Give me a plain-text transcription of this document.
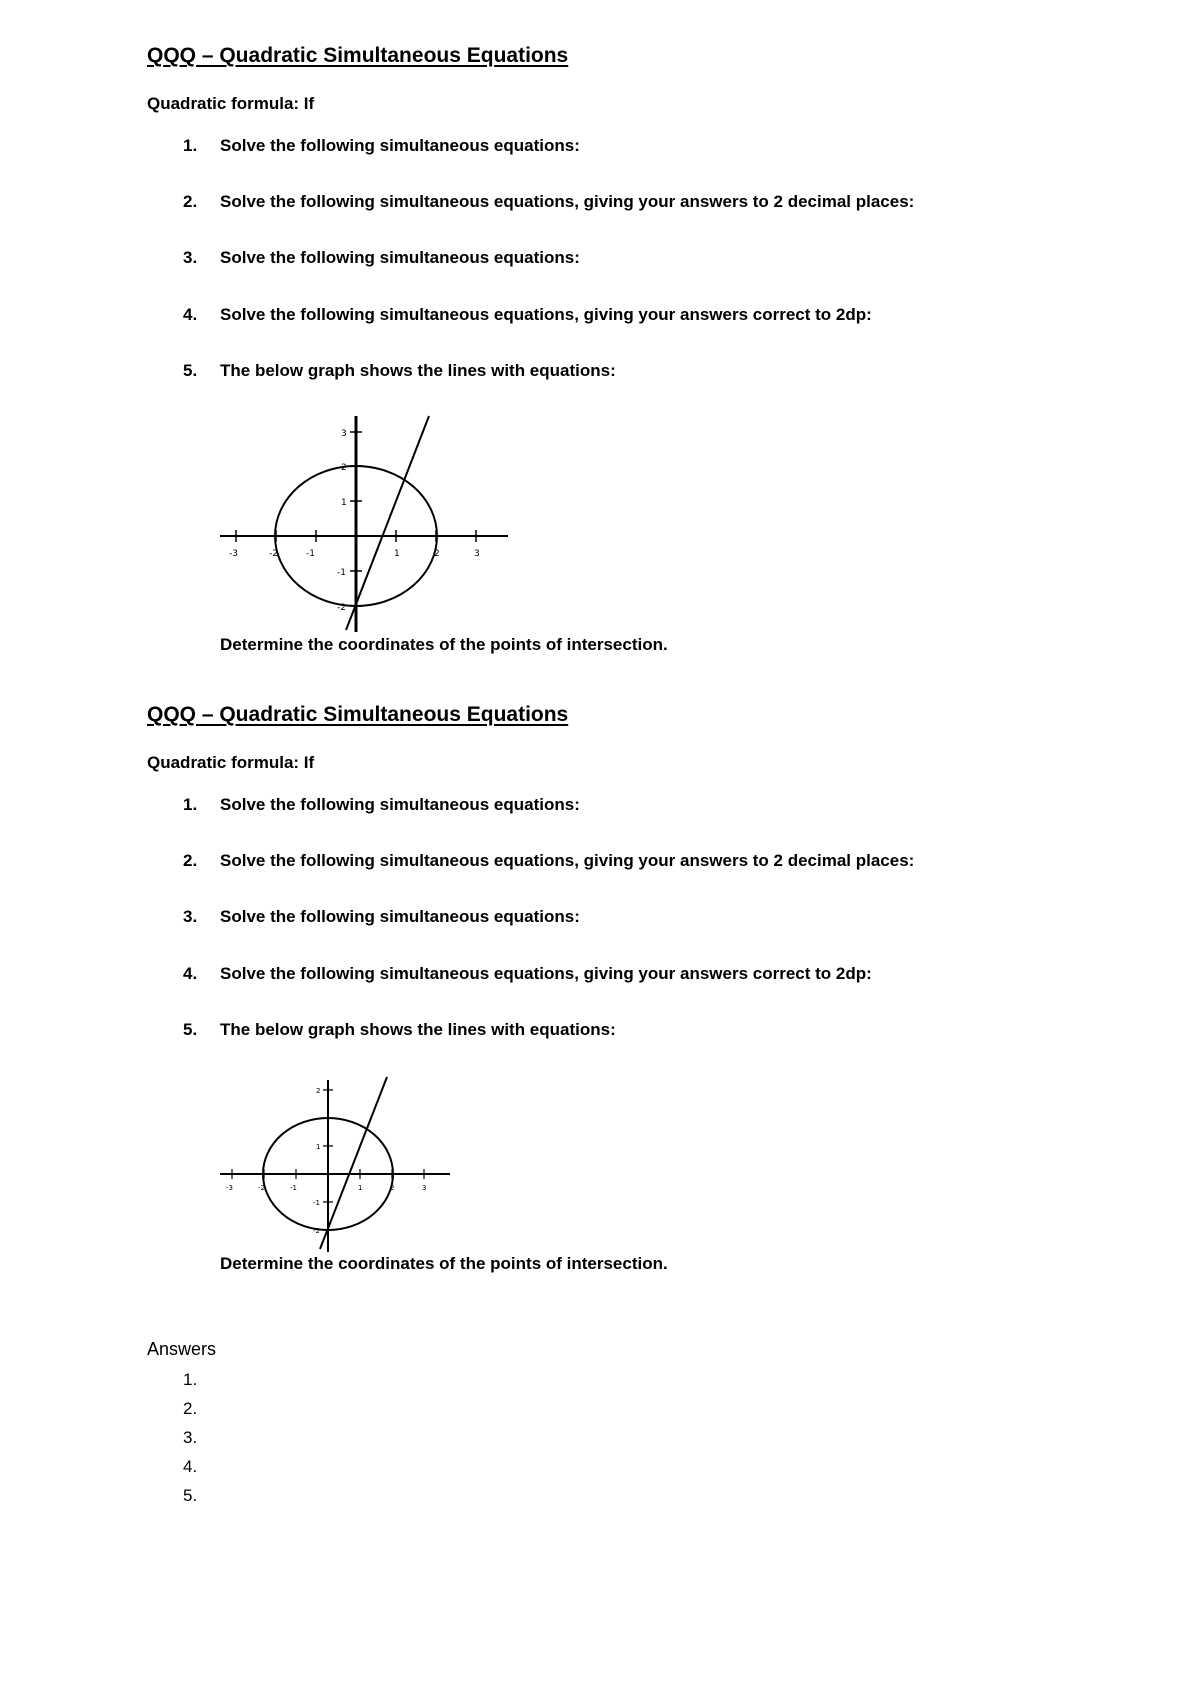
QQQ – Quadratic Simultaneous Equations

Quadratic formula: If

1. Solve the following simultaneous equations:

2. Solve the following simultaneous equations, giving your answers to 2 decimal places:

3. Solve the following simultaneous equations:

4. Solve the following simultaneous equations, giving your answers correct to 2dp:

5. The below graph shows the lines with equations:

-3	-2	-1	1	2	3
3
2
1
-1
-2

Determine the coordinates of the points of intersection.

QQQ – Quadratic Simultaneous Equations

Quadratic formula: If

1. Solve the following simultaneous equations:

2. Solve the following simultaneous equations, giving your answers to 2 decimal places:

3. Solve the following simultaneous equations:

4. Solve the following simultaneous equations, giving your answers correct to 2dp:

5. The below graph shows the lines with equations:

-3	-2	-1	1	2	3
2
1
-1
-2

Determine the coordinates of the points of intersection.

Answers

1.

2.

3.

4.

5.
